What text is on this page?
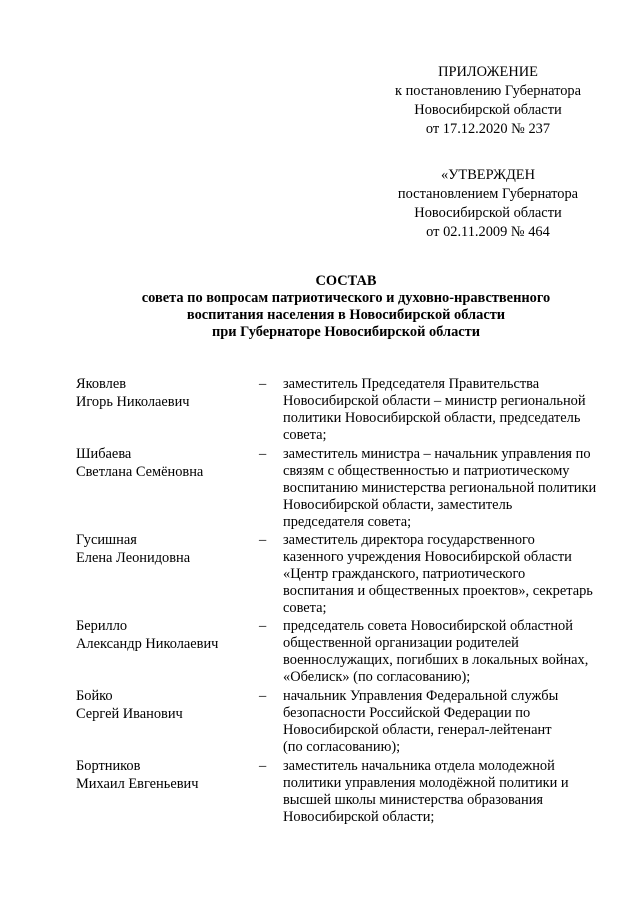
ПРИЛОЖЕНИЕ
к постановлению Губернатора
Новосибирской области
от 17.12.2020 № 237
«УТВЕРЖДЕН
постановлением Губернатора
Новосибирской области
от 02.11.2009 № 464
СОСТАВ
совета по вопросам патриотического и духовно-нравственного
воспитания населения в Новосибирской области
при Губернаторе Новосибирской области
Яковлев
Игорь Николаевич
– заместитель Председателя Правительства
Новосибирской области – министр региональной
политики Новосибирской области, председатель
совета;
Шибаева
Светлана Семёновна
– заместитель министра – начальник управления по
связям с общественностью и патриотическому
воспитанию министерства региональной политики
Новосибирской области, заместитель
председателя совета;
Гусишная
Елена Леонидовна
– заместитель директора государственного
казенного учреждения Новосибирской области
«Центр гражданского, патриотического
воспитания и общественных проектов», секретарь
совета;
Берилло
Александр Николаевич
– председатель совета Новосибирской областной
общественной организации родителей
военнослужащих, погибших в локальных войнах,
«Обелиск» (по согласованию);
Бойко
Сергей Иванович
– начальник Управления Федеральной службы
безопасности Российской Федерации по
Новосибирской области, генерал-лейтенант
(по согласованию);
Бортников
Михаил Евгеньевич
– заместитель начальника отдела молодежной
политики управления молодёжной политики и
высшей школы министерства образования
Новосибирской области;
